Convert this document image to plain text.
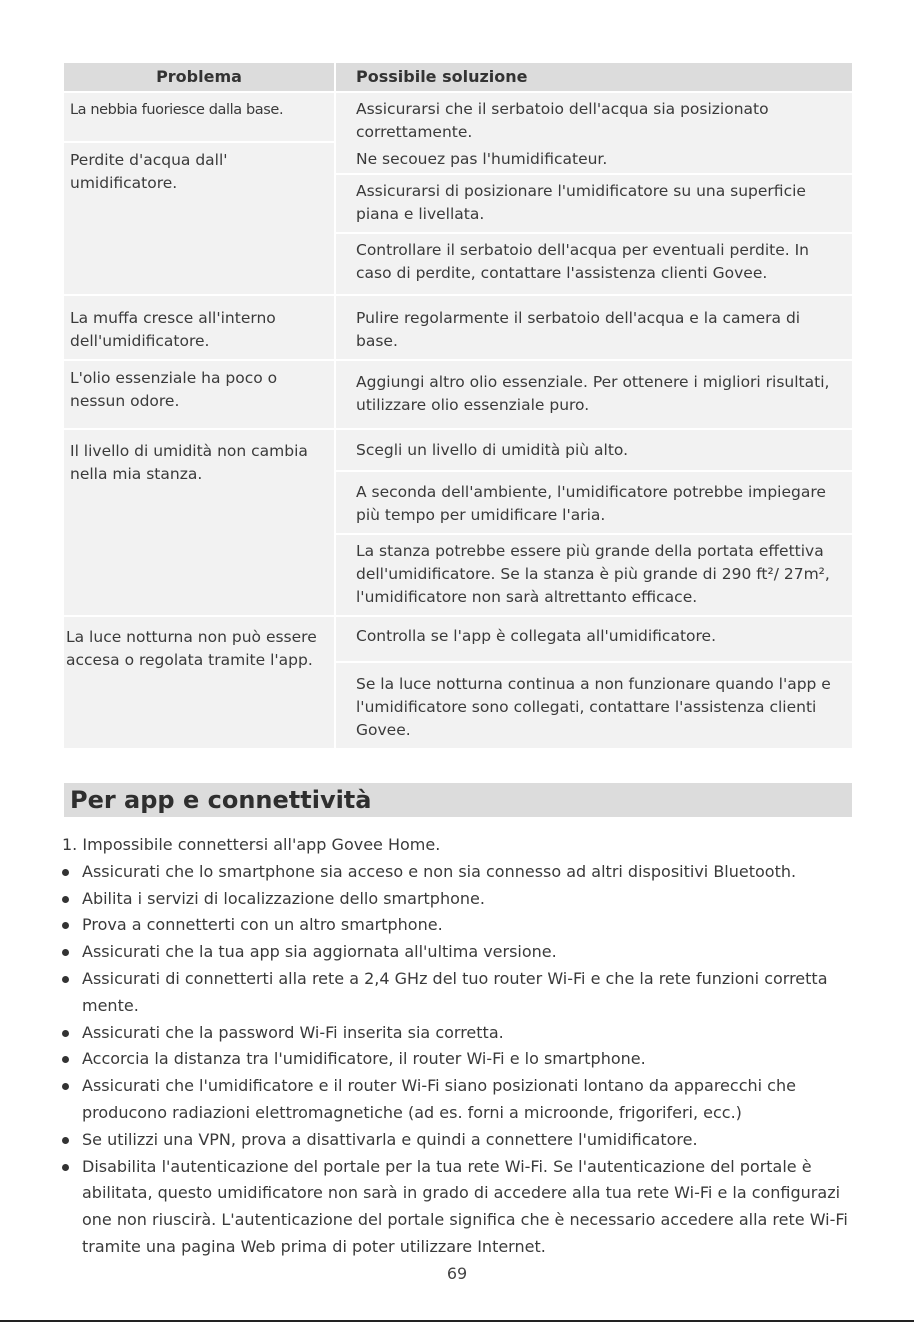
Problema	Possibile soluzione
La nebbia fuoriesce dalla base.	Assicurarsi che il serbatoio dell'acqua sia posizionato correttamente.
Perdite d'acqua dall' umidificatore.
Ne secouez pas l'humidificateur.
Assicurarsi di posizionare l'umidificatore su una superficie piana e livellata.
Controllare il serbatoio dell'acqua per eventuali perdite. In caso di perdite, contattare l'assistenza clienti Govee.
La muffa cresce all'interno dell'umidificatore.
Pulire regolarmente il serbatoio dell'acqua e la camera di base.
L'olio essenziale ha poco o nessun odore.
Aggiungi altro olio essenziale. Per ottenere i migliori risultati, utilizzare olio essenziale puro.
Il livello di umidità non cambia nella mia stanza.
Scegli un livello di umidità più alto.
A seconda dell'ambiente, l'umidificatore potrebbe impiegare più tempo per umidificare l'aria.
La stanza potrebbe essere più grande della portata effettiva dell'umidificatore. Se la stanza è più grande di 290 ft²/ 27m², l'umidificatore non sarà altrettanto efficace.
La luce notturna non può essere accesa o regolata tramite l'app.
Controlla se l'app è collegata all'umidificatore.
Se la luce notturna continua a non funzionare quando l'app e l'umidificatore sono collegati, contattare l'assistenza clienti Govee.
Per app e connettività

1. Impossibile connettersi all'app Govee Home.

Assicurati che lo smartphone sia acceso e non sia connesso ad altri dispositivi Bluetooth.
Abilita i servizi di localizzazione dello smartphone.
Prova a connetterti con un altro smartphone.
Assicurati che la tua app sia aggiornata all'ultima versione.
Assicurati di connetterti alla rete a 2,4 GHz del tuo router Wi-Fi e che la rete funzioni corretta mente.
Assicurati che la password Wi-Fi inserita sia corretta.
Accorcia la distanza tra l'umidificatore, il router Wi-Fi e lo smartphone.
Assicurati che l'umidificatore e il router Wi-Fi siano posizionati lontano da apparecchi che producono radiazioni elettromagnetiche (ad es. forni a microonde, frigoriferi, ecc.)
Se utilizzi una VPN, prova a disattivarla e quindi a connettere l'umidificatore.
Disabilita l'autenticazione del portale per la tua rete Wi-Fi. Se l'autenticazione del portale è abilitata, questo umidificatore non sarà in grado di accedere alla tua rete Wi-Fi e la configurazi one non riuscirà. L'autenticazione del portale significa che è necessario accedere alla rete Wi-Fi tramite una pagina Web prima di poter utilizzare Internet.
69
